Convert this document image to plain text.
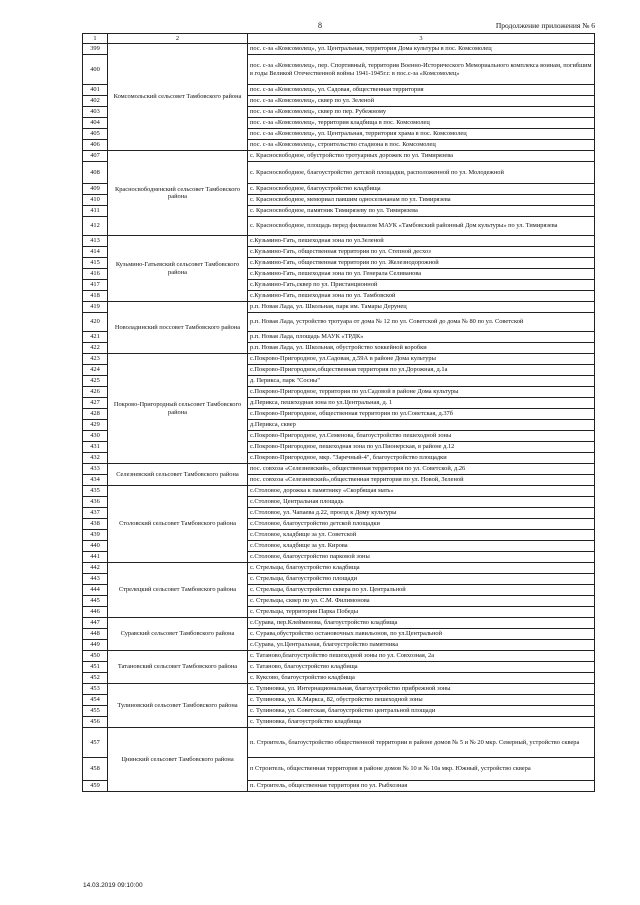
8	Продолжение приложения № 6
1	2	3
399	Комсомольский сельсовет Тамбовского района	пос. с-за «Комсомолец», ул. Центральная, территория Дома культуры в пос. Комсомолец
400		пос. с-за «Комсомолец», пер. Спортивный, территория Военно-Исторического Мемориального комплекса воинам, погибшим в годы Великой Отечественной войны 1941-1945г.г. в пос.с-за «Комсомолец»
401		пос. с-за «Комсомолец», ул. Садовая, общественная территория
402		пос. с-за «Комсомолец», сквер по ул. Зеленой
403		пос. с-за «Комсомолец», сквер по пер. Рубежному
404		пос. с-за «Комсомолец», территория кладбища в пос. Комсомолец
405		пос. с-за «Комсомолец», ул. Центральная, территория храма в пос. Комсомолец
406		пос. с-за «Комсомолец», строительство стадиона в пос. Комсомолец
407	Красносвободненский сельсовет Тамбовского района	с. Красносвободное, обустройство тротуарных дорожек по ул. Тимирязева
408		с. Красносвободное, благоустройство детской площадки, расположенной по ул. Молодежной
409		с. Красносвободное, благоустройство кладбища
410		с. Красносвободное, мемориал павшим односельчанам по ул. Тимирязева
411		с. Красносвободное, памятник Тимирязеву по ул. Тимирязева
412		с. Красносвободное, площадь перед филиалом МАУК «Тамбовский районный Дом культуры» по ул. Тимирязева
413	Кузьмино-Гатьевский сельсовет Тамбовского района	с.Кузьмино-Гать, пешеходная зона по ул.Зеленой
414		с.Кузьмино-Гать, общественная территория по ул. Степной десхоз
415		с.Кузьмино-Гать, общественная территория по ул. Железнодорожной
416		с.Кузьмино-Гать, пешеходная зона по ул. Генерала Селиванова
417		с.Кузьмино-Гать,сквер по ул. Пристанционной
418		с.Кузьмино-Гать, пешеходная зона по ул. Тамбовской
419	Новоладинский поссовет Тамбовского района	р.п. Новая Лада, ул. Школьная, парк им. Тамары Дерунец
420		р.п. Новая Лада, устройство тротуара от дома № 12 по ул. Советской до дома № 80 по ул. Советской
421		р.п. Новая Лада, площадь МАУК «ТРДК»
422		р.п. Новая Лада, ул. Школьная, обустройство хоккейной коробки
423	Покрово-Пригородный сельсовет Тамбовского района	с.Покрово-Пригородное, ул.Садовая, д.59А в районе Дома культуры
424		с.Покрово-Пригородное,общественная территория по ул.Дорожная, д.1а
425		д. Перикса, парк "Сосны"
426		с.Покрово-Пригородное, территория по ул.Садовой в районе Дома культуры
427		д.Перикса, пешеходная зона по ул.Центральная, д. 1
428		с.Покрово-Пригородное, общественная территория по ул.Советская, д.37б
429		д.Перикса, сквер
430		с.Покрово-Пригородное, ул.Семенова, благоустройство пешеходной зоны
431		с.Покрово-Пригородное, пешеходная зона по ул.Пионерская, в районе д.12
432		с.Покрово-Пригородное, мкр. "Заречный-4", благоустройство площадки
433	Селезневский сельсовет Тамбовского района	пос. совхоза «Селезневский», общественная территория по ул. Советской, д.26
434		пос. совхоза «Селезневский»,общественная территория по ул. Новой, Зеленой
435	Столовский сельсовет Тамбовского района	с.Столовое, дорожка к памятнику «Скорбящая мать»
436		с.Столовое, Центральная площадь
437		с.Столовое, ул. Чапаева д.22, проезд к Дому культуры
438		с.Столовое, благоустройство детской площадки
439		с.Столовое, кладбище за ул. Советской
440		с.Столовое, кладбище за ул. Кирова
441		с.Столовое, благоустройство парковой зоны
442	Стрелецкий сельсовет Тамбовского района	с. Стрельцы, благоустройство кладбища
443		с. Стрельцы, благоустройство площади
444		с. Стрельцы, благоустройство сквера по ул. Центральной
445		с. Стрельцы, сквер по ул. С.М. Филимонова
446		с. Стрельцы, территория Парка Победы
447	Суравский сельсовет Тамбовского района	с.Сурава, пер.Клейменова, благоустройство кладбища
448		с. Сурава,обустройство остановочных павильонов, по ул.Центральной
449		с.Сурава, ул.Центральная, благоустройство памятника
450	Татановский сельсовет Тамбовского района	с. Татаново,благоустройство пешеходной зоны по ул. Совхозная, 2а
451		с. Татаново, благоустройство кладбища
452		с. Куксово, благоустройство кладбища
453	Тулиновский сельсовет Тамбовского района	с. Тулиновка, ул. Интернациональная, благоустройство прибрежной зоны
454		с. Тулиновка, ул. К.Маркса, 82, обустройство пешеходной зоны
455		с. Тулиновка, ул. Советская, благоустройство центральной площади
456		с. Тулиновка, благоустройство кладбища
457	Цнинский сельсовет Тамбовского района	п. Строитель, благоустройство общественной территории в районе домов № 5 и № 20 мкр. Северный, устройство сквера
458		п Строитель, общественная территория в районе домов № 10 и № 10а мкр. Южный, устройство сквера
459		п. Строитель, общественная территория по ул. Рыбхозная
14.03.2019 09:10:00
